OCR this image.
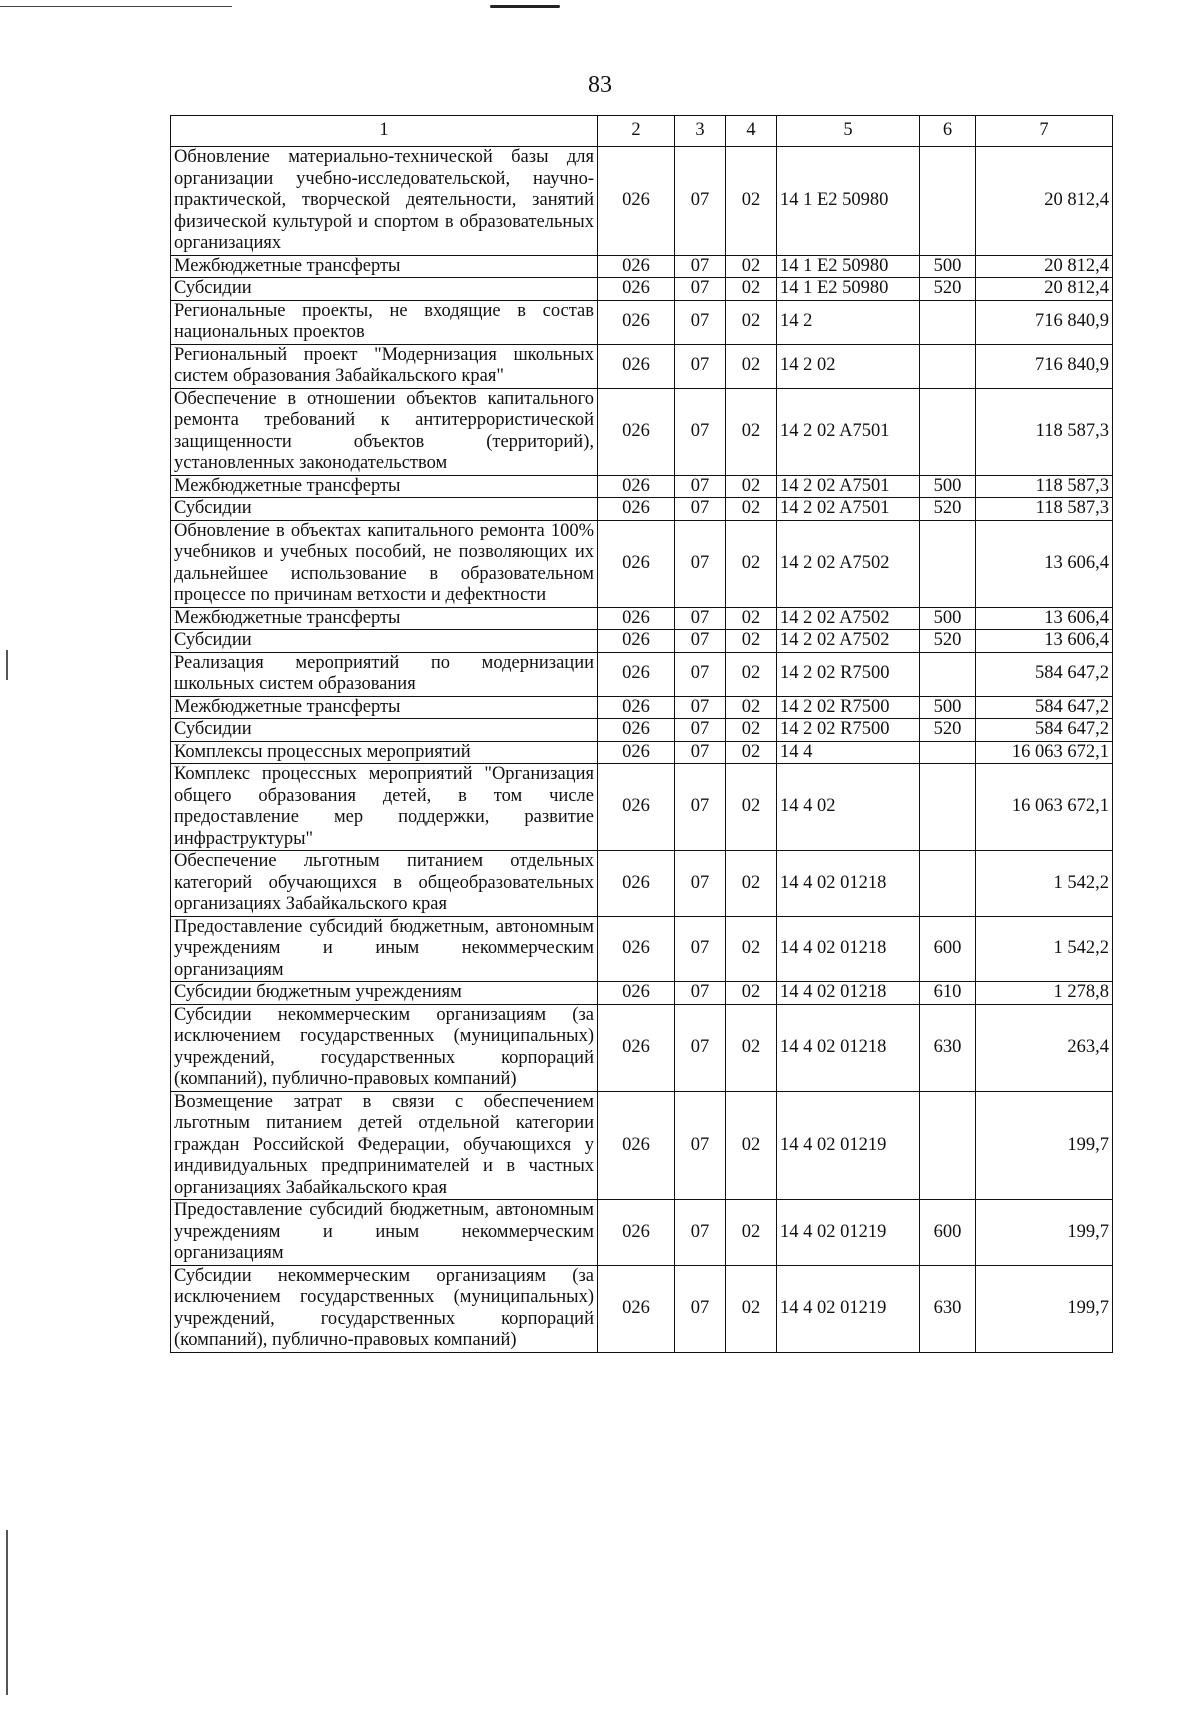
83
1	2	3	4	5	6	7
Обновление материально-технической базы для организации учебно-исследовательской, научно-практической, творческой деятельности, занятий физической культурой и спортом в образовательных организациях	026	07	02	14 1 E2 50980		20 812,4
Межбюджетные трансферты	026	07	02	14 1 E2 50980	500	20 812,4
Субсидии	026	07	02	14 1 E2 50980	520	20 812,4
Региональные проекты, не входящие в состав национальных проектов	026	07	02	14 2		716 840,9
Региональный проект "Модернизация школьных систем образования Забайкальского края"	026	07	02	14 2 02		716 840,9
Обеспечение в отношении объектов капитального ремонта требований к антитеррористической защищенности объектов (территорий), установленных законодательством	026	07	02	14 2 02 A7501		118 587,3
Межбюджетные трансферты	026	07	02	14 2 02 A7501	500	118 587,3
Субсидии	026	07	02	14 2 02 A7501	520	118 587,3
Обновление в объектах капитального ремонта 100% учебников и учебных пособий, не позволяющих их дальнейшее использование в образовательном процессе по причинам ветхости и дефектности	026	07	02	14 2 02 A7502		13 606,4
Межбюджетные трансферты	026	07	02	14 2 02 A7502	500	13 606,4
Субсидии	026	07	02	14 2 02 A7502	520	13 606,4
Реализация мероприятий по модернизации школьных систем образования	026	07	02	14 2 02 R7500		584 647,2
Межбюджетные трансферты	026	07	02	14 2 02 R7500	500	584 647,2
Субсидии	026	07	02	14 2 02 R7500	520	584 647,2
Комплексы процессных мероприятий	026	07	02	14 4		16 063 672,1
Комплекс процессных мероприятий "Организация общего образования детей, в том числе предоставление мер поддержки, развитие инфраструктуры"	026	07	02	14 4 02		16 063 672,1
Обеспечение льготным питанием отдельных категорий обучающихся в общеобразовательных организациях Забайкальского края	026	07	02	14 4 02 01218		1 542,2
Предоставление субсидий бюджетным, автономным учреждениям и иным некоммерческим организациям	026	07	02	14 4 02 01218	600	1 542,2
Субсидии бюджетным учреждениям	026	07	02	14 4 02 01218	610	1 278,8
Субсидии некоммерческим организациям (за исключением государственных (муниципальных) учреждений, государственных корпораций (компаний), публично-правовых компаний)	026	07	02	14 4 02 01218	630	263,4
Возмещение затрат в связи с обеспечением льготным питанием детей отдельной категории граждан Российской Федерации, обучающихся у индивидуальных предпринимателей и в частных организациях Забайкальского края	026	07	02	14 4 02 01219		199,7
Предоставление субсидий бюджетным, автономным учреждениям и иным некоммерческим организациям	026	07	02	14 4 02 01219	600	199,7
Субсидии некоммерческим организациям (за исключением государственных (муниципальных) учреждений, государственных корпораций (компаний), публично-правовых компаний)	026	07	02	14 4 02 01219	630	199,7
